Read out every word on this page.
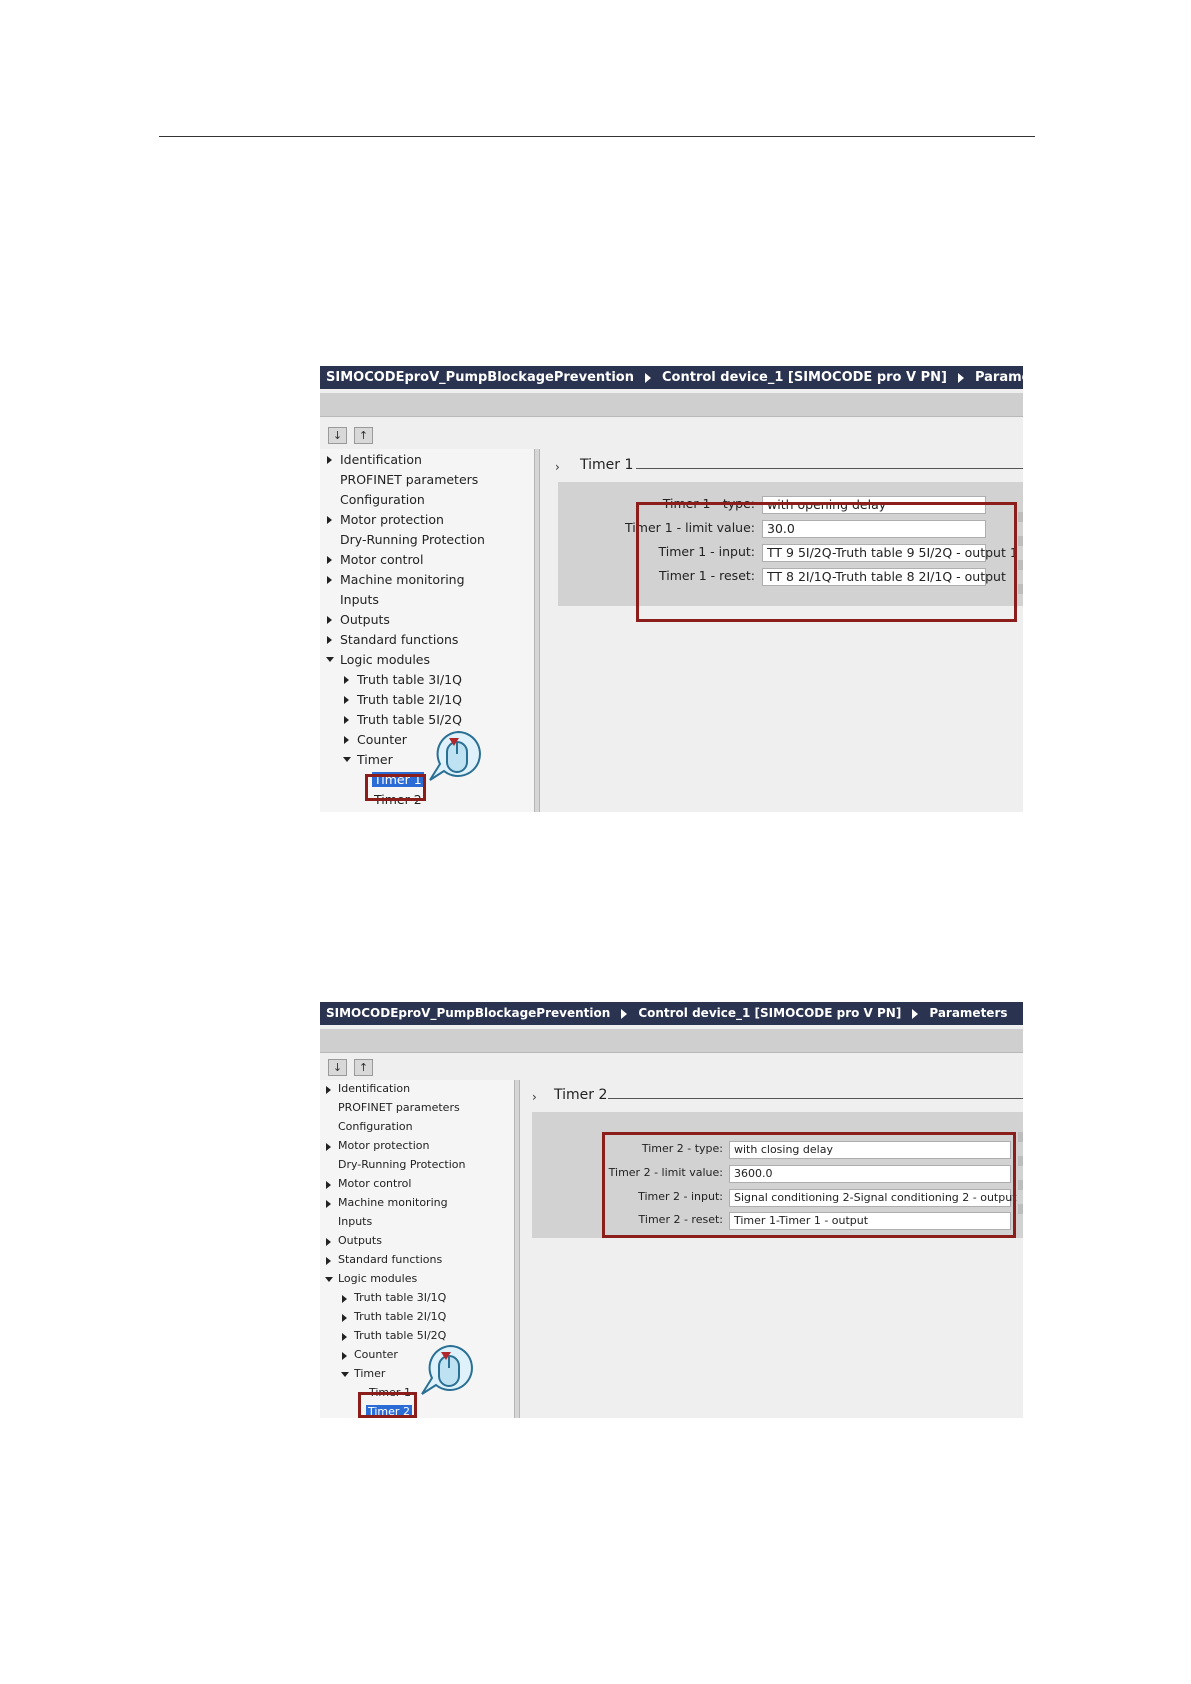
SIMOCODEproV_PumpBlockagePrevention Control device_1 [SIMOCODE pro V PN] Parameters
↓ ↑
Identification
PROFINET parameters
Configuration
Motor protection
Dry-Running Protection
Motor control
Machine monitoring
Inputs
Outputs
Standard functions
Logic modules
Truth table 3I/1Q
Truth table 2I/1Q
Truth table 5I/2Q
Counter
Timer
Timer 1
Timer 2
› Timer 1
Timer 1 - type: with opening delay
Timer 1 - limit value: 30.0
Timer 1 - input: TT 9 5I/2Q-Truth table 9 5I/2Q - output 1
Timer 1 - reset: TT 8 2I/1Q-Truth table 8 2I/1Q - output
SIMOCODEproV_PumpBlockagePrevention Control device_1 [SIMOCODE pro V PN] Parameters
↓ ↑
Identification
PROFINET parameters
Configuration
Motor protection
Dry-Running Protection
Motor control
Machine monitoring
Inputs
Outputs
Standard functions
Logic modules
Truth table 3I/1Q
Truth table 2I/1Q
Truth table 5I/2Q
Counter
Timer
Timer 1
Timer 2
› Timer 2
Timer 2 - type:	with closing delay
Timer 2 - limit value:	3600.0
Timer 2 - input:	Signal conditioning 2-Signal conditioning 2 - output
Timer 2 - reset:	Timer 1-Timer 1 - output
